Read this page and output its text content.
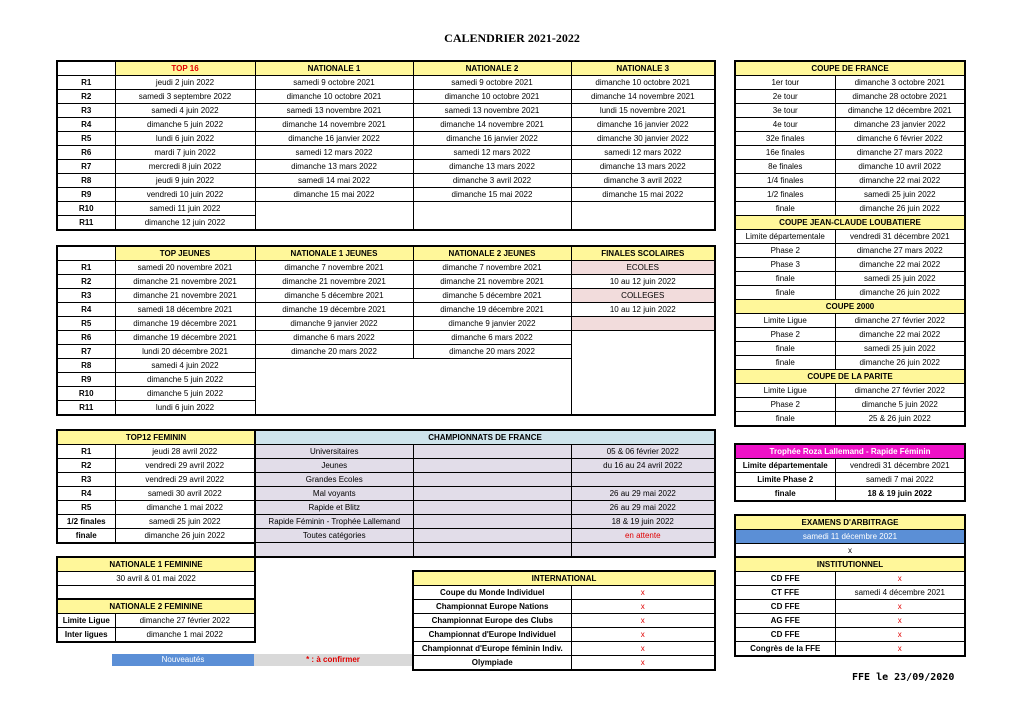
CALENDRIER 2021-2022
	TOP 16	NATIONALE 1	NATIONALE 2	NATIONALE 3
R1	jeudi 2 juin 2022	samedi 9 octobre 2021	samedi 9 octobre 2021	dimanche 10 octobre 2021
R2	samedi 3 septembre 2022	dimanche 10 octobre 2021	dimanche 10 octobre 2021	dimanche 14 novembre 2021
R3	samedi 4 juin 2022	samedi 13 novembre 2021	samedi 13 novembre 2021	lundi 15 novembre 2021
R4	dimanche 5 juin 2022	dimanche 14 novembre 2021	dimanche 14 novembre 2021	dimanche 16 janvier 2022
R5	lundi 6 juin 2022	dimanche 16 janvier 2022	dimanche 16 janvier 2022	dimanche 30 janvier 2022
R6	mardi 7 juin 2022	samedi 12 mars 2022	samedi 12 mars 2022	samedi 12 mars 2022
R7	mercredi 8 juin 2022	dimanche 13 mars 2022	dimanche 13 mars 2022	dimanche 13 mars 2022
R8	jeudi 9 juin 2022	samedi 14 mai 2022	dimanche 3 avril 2022	dimanche 3 avril 2022
R9	vendredi 10 juin 2022	dimanche 15 mai 2022	dimanche 15 mai 2022	dimanche 15 mai 2022
R10	samedi 11 juin 2022			
R11	dimanche 12 juin 2022			
	TOP JEUNES	NATIONALE 1 JEUNES	NATIONALE 2 JEUNES	FINALES SCOLAIRES
R1	samedi 20 novembre 2021	dimanche 7 novembre 2021	dimanche 7 novembre 2021	ECOLES
R2	dimanche 21 novembre 2021	dimanche 21 novembre 2021	dimanche 21 novembre 2021	10 au 12 juin 2022
R3	dimanche 21 novembre 2021	dimanche 5 décembre 2021	dimanche 5 décembre 2021	COLLEGES
R4	samedi 18 décembre 2021	dimanche 19 décembre 2021	dimanche 19 décembre 2021	10 au 12 juin 2022
R5	dimanche 19 décembre 2021	dimanche 9 janvier 2022	dimanche 9 janvier 2022	
R6	dimanche 19 décembre 2021	dimanche 6 mars 2022	dimanche 6 mars 2022	
R7	lundi 20 décembre 2021	dimanche 20 mars 2022	dimanche 20 mars 2022	
R8	samedi 4 juin 2022			
R9	dimanche 5 juin 2022			
R10	dimanche 5 juin 2022			
R11	lundi 6 juin 2022			
TOP12 FEMININ	
R1	jeudi 28 avril 2022
R2	vendredi 29 avril 2022
R3	vendredi 29 avril 2022
R4	samedi 30 avril 2022
R5	dimanche 1 mai 2022
1/2 finales	samedi 25 juin 2022
finale	dimanche 26 juin 2022
CHAMPIONNATS DE FRANCE		
Universitaires		05 & 06 février 2022
Jeunes		du 16 au 24 avril 2022
Grandes Ecoles		
Mal voyants		26 au 29 mai 2022
Rapide et Blitz		26 au 29 mai 2022
Rapide Féminin - Trophée Lallemand		18 & 19 juin 2022
Toutes catégories		en attente

NATIONALE 1 FEMININE
30 avril & 01 mai 2022

NATIONALE 2 FEMININE	
Limite Ligue	dimanche 27 février 2022
Inter ligues	dimanche 1 mai 2022
INTERNATIONAL	
Coupe du Monde Individuel	x
Championnat Europe Nations	x
Championnat Europe des Clubs	x
Championnat d'Europe Individuel	x
Championnat d'Europe féminin Indiv.	x
Olympiade	x
COUPE DE FRANCE	
1er tour	dimanche 3 octobre 2021
2e tour	dimanche 28 octobre 2021
3e tour	dimanche 12 décembre 2021
4e tour	dimanche 23 janvier 2022
32e finales	dimanche 6 février 2022
16e finales	dimanche 27 mars 2022
8e finales	dimanche 10 avril 2022
1/4 finales	dimanche 22 mai 2022
1/2 finales	samedi 25 juin 2022
finale	dimanche 26 juin 2022
COUPE JEAN-CLAUDE LOUBATIERE	
Limite départementale	vendredi 31 décembre 2021
Phase 2	dimanche 27 mars 2022
Phase 3	dimanche 22 mai 2022
finale	samedi 25 juin 2022
finale	dimanche 26 juin 2022
COUPE 2000	
Limite Ligue	dimanche 27 février 2022
Phase 2	dimanche 22 mai 2022
finale	samedi 25 juin 2022
finale	dimanche 26 juin 2022
COUPE DE LA PARITE	
Limite Ligue	dimanche 27 février 2022
Phase 2	dimanche 5 juin 2022
finale	25 & 26 juin 2022
Trophée Roza Lallemand - Rapide Féminin	
Limite départementale	vendredi 31 décembre 2021
Limite Phase 2	samedi 7 mai 2022
finale	18 & 19 juin 2022
EXAMENS D'ARBITRAGE
samedi 11 décembre 2021
x
INSTITUTIONNEL	
CD FFE	x
CT FFE	samedi 4 décembre 2021
CD FFE	x
AG FFE	x
CD FFE	x
Congrès de la FFE	x
Nouveautés	* : à confirmer
FFE le 23/09/2020
